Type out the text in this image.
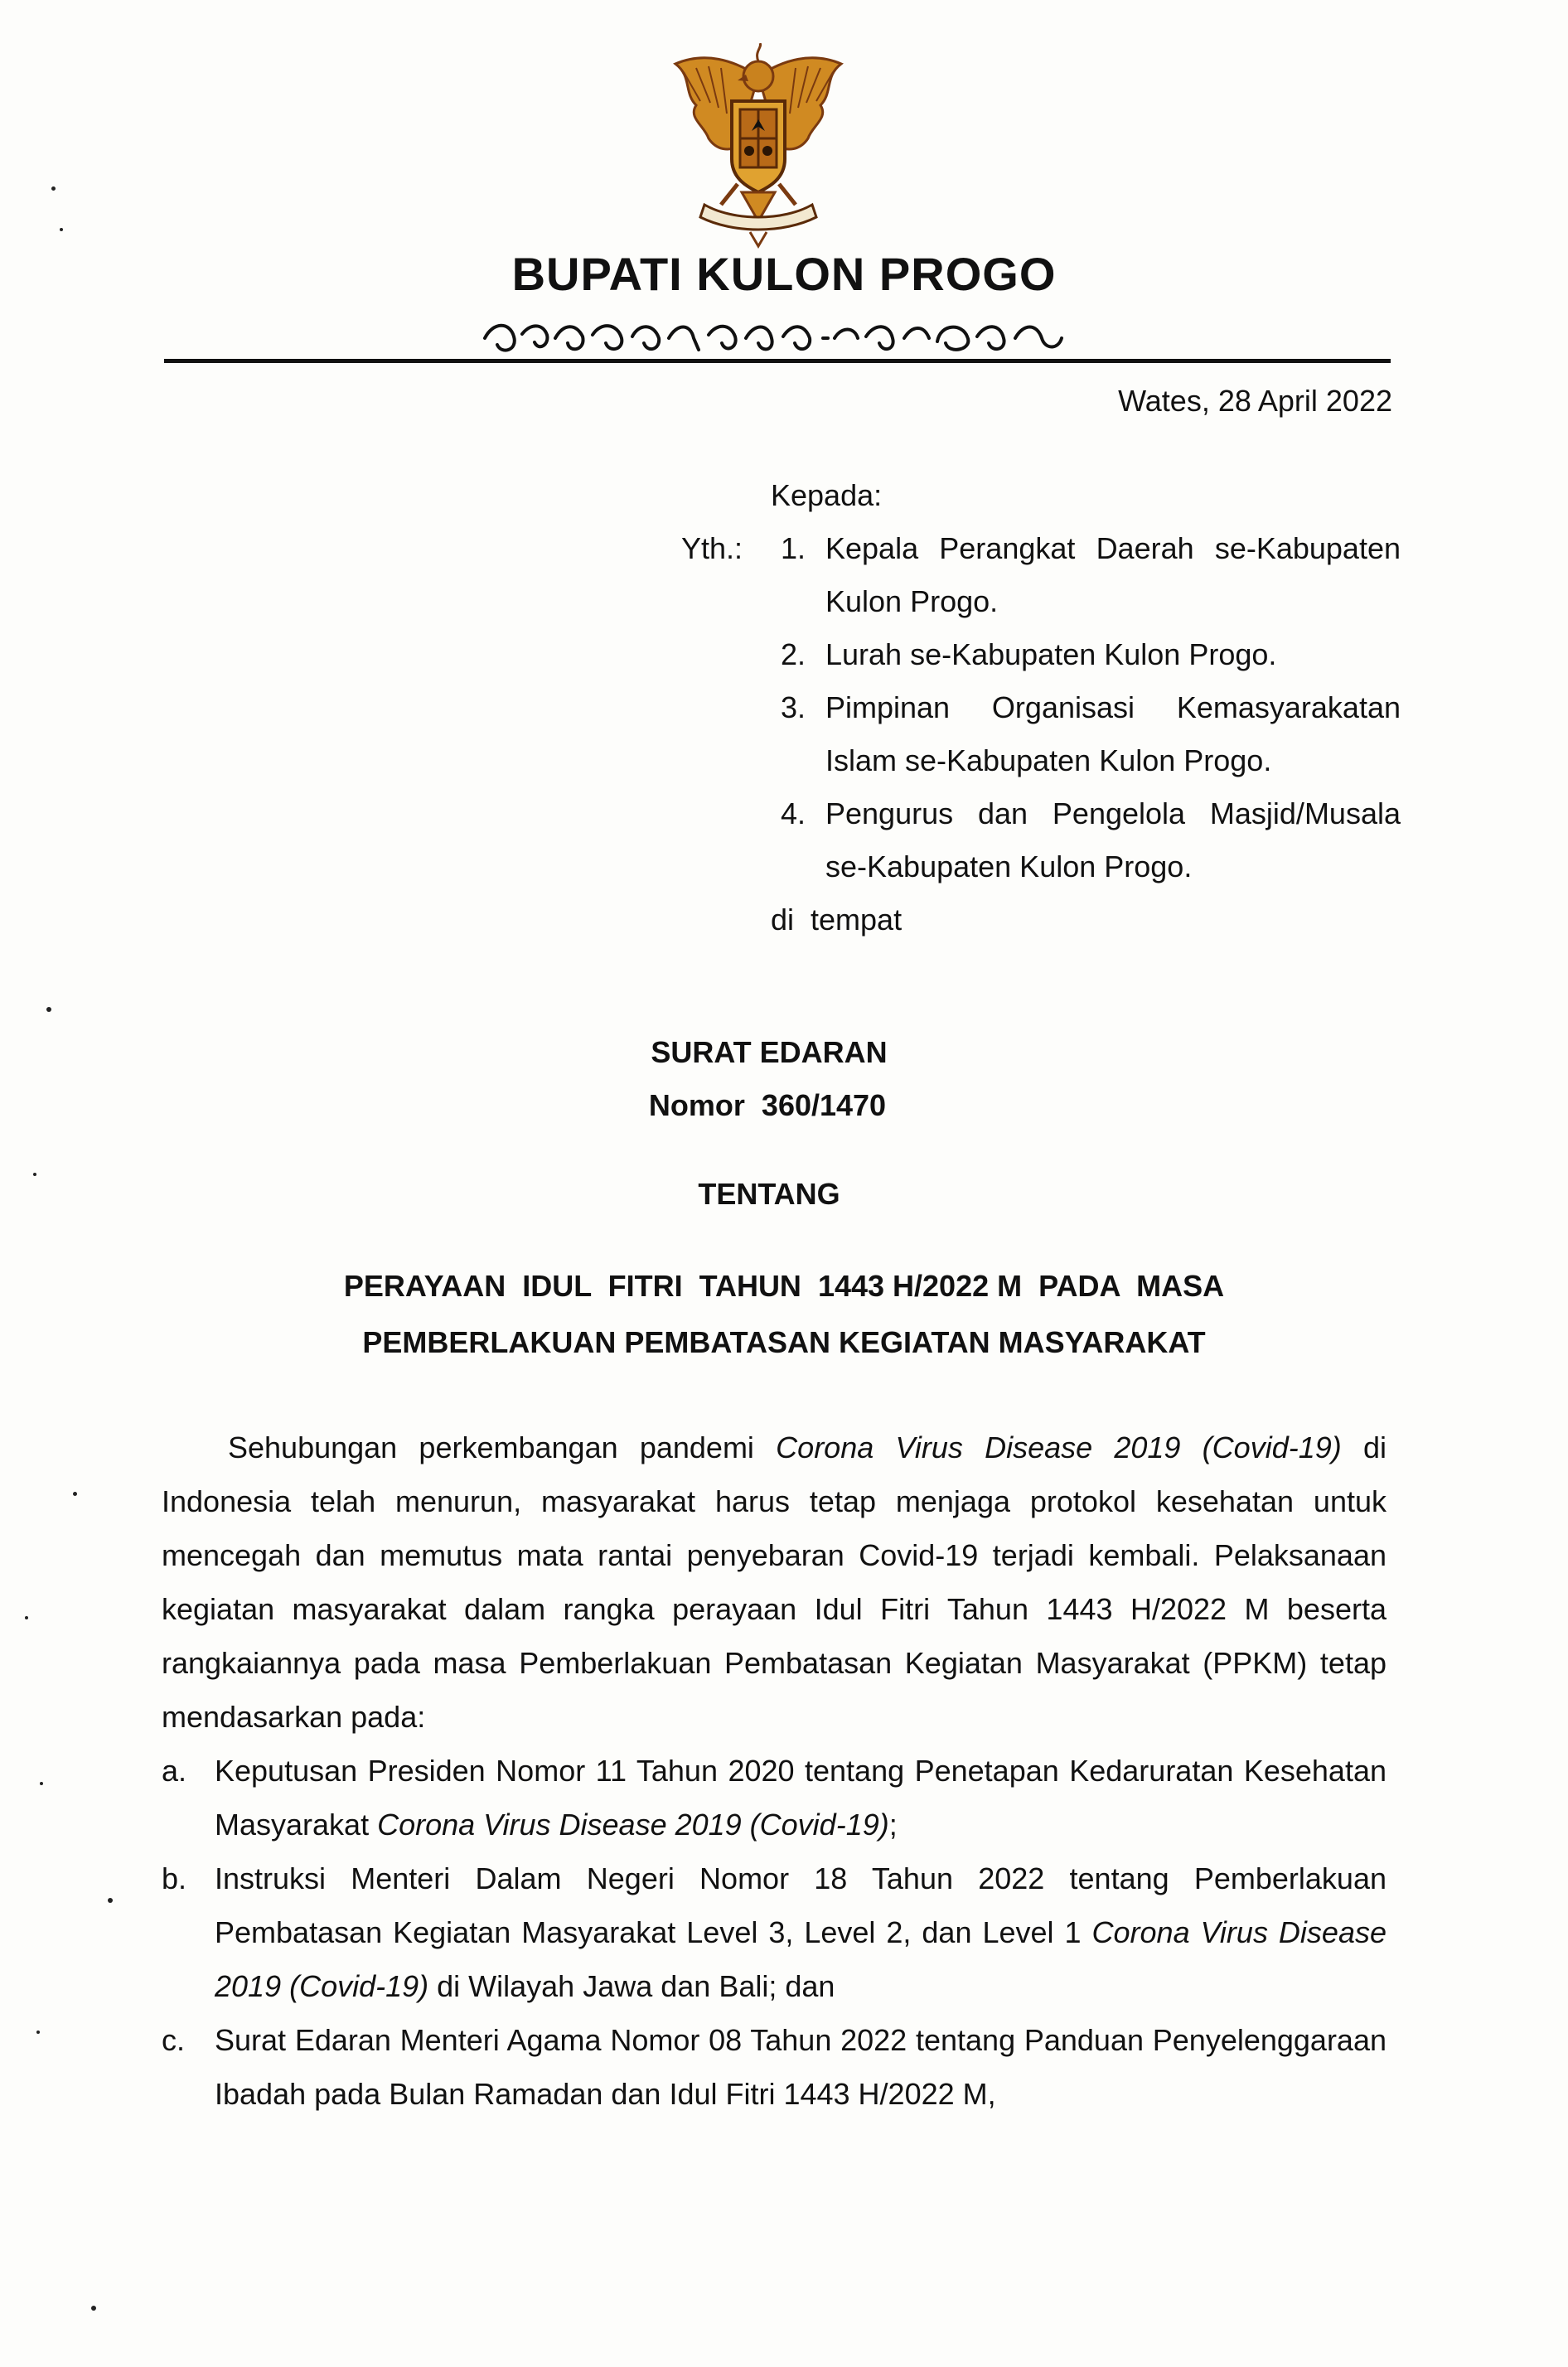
BUPATI KULON PROGO
Wates, 28 April 2022
Kepada:
Yth.: 1. Kepala Perangkat Daerah se-Kabupaten Kulon Progo.
2. Lurah se-Kabupaten Kulon Progo.
3. Pimpinan Organisasi Kemasyarakatan Islam se-Kabupaten Kulon Progo.
4. Pengurus dan Pengelola Masjid/Musala se-Kabupaten Kulon Progo.
di  tempat
SURAT EDARAN
Nomor  360/1470
TENTANG
PERAYAAN  IDUL  FITRI  TAHUN  1443 H/2022 M  PADA  MASA
PEMBERLAKUAN PEMBATASAN KEGIATAN MASYARAKAT

Sehubungan perkembangan pandemi Corona Virus Disease 2019 (Covid-19) di Indonesia telah menurun, masyarakat harus tetap menjaga protokol kesehatan untuk mencegah dan memutus mata rantai penyebaran Covid-19 terjadi kembali. Pelaksanaan kegiatan masyarakat dalam rangka perayaan Idul Fitri Tahun 1443 H/2022 M beserta rangkaiannya pada masa Pemberlakuan Pembatasan Kegiatan Masyarakat (PPKM) tetap mendasarkan pada:

a. Keputusan Presiden Nomor 11 Tahun 2020 tentang Penetapan Kedaruratan Kesehatan Masyarakat Corona Virus Disease 2019 (Covid-19);
b. Instruksi Menteri Dalam Negeri Nomor 18 Tahun 2022 tentang Pemberlakuan Pembatasan Kegiatan Masyarakat Level 3, Level 2, dan Level 1 Corona Virus Disease 2019 (Covid-19) di Wilayah Jawa dan Bali; dan
c. Surat Edaran Menteri Agama Nomor 08 Tahun 2022 tentang Panduan Penyelenggaraan Ibadah pada Bulan Ramadan dan Idul Fitri 1443 H/2022 M,
